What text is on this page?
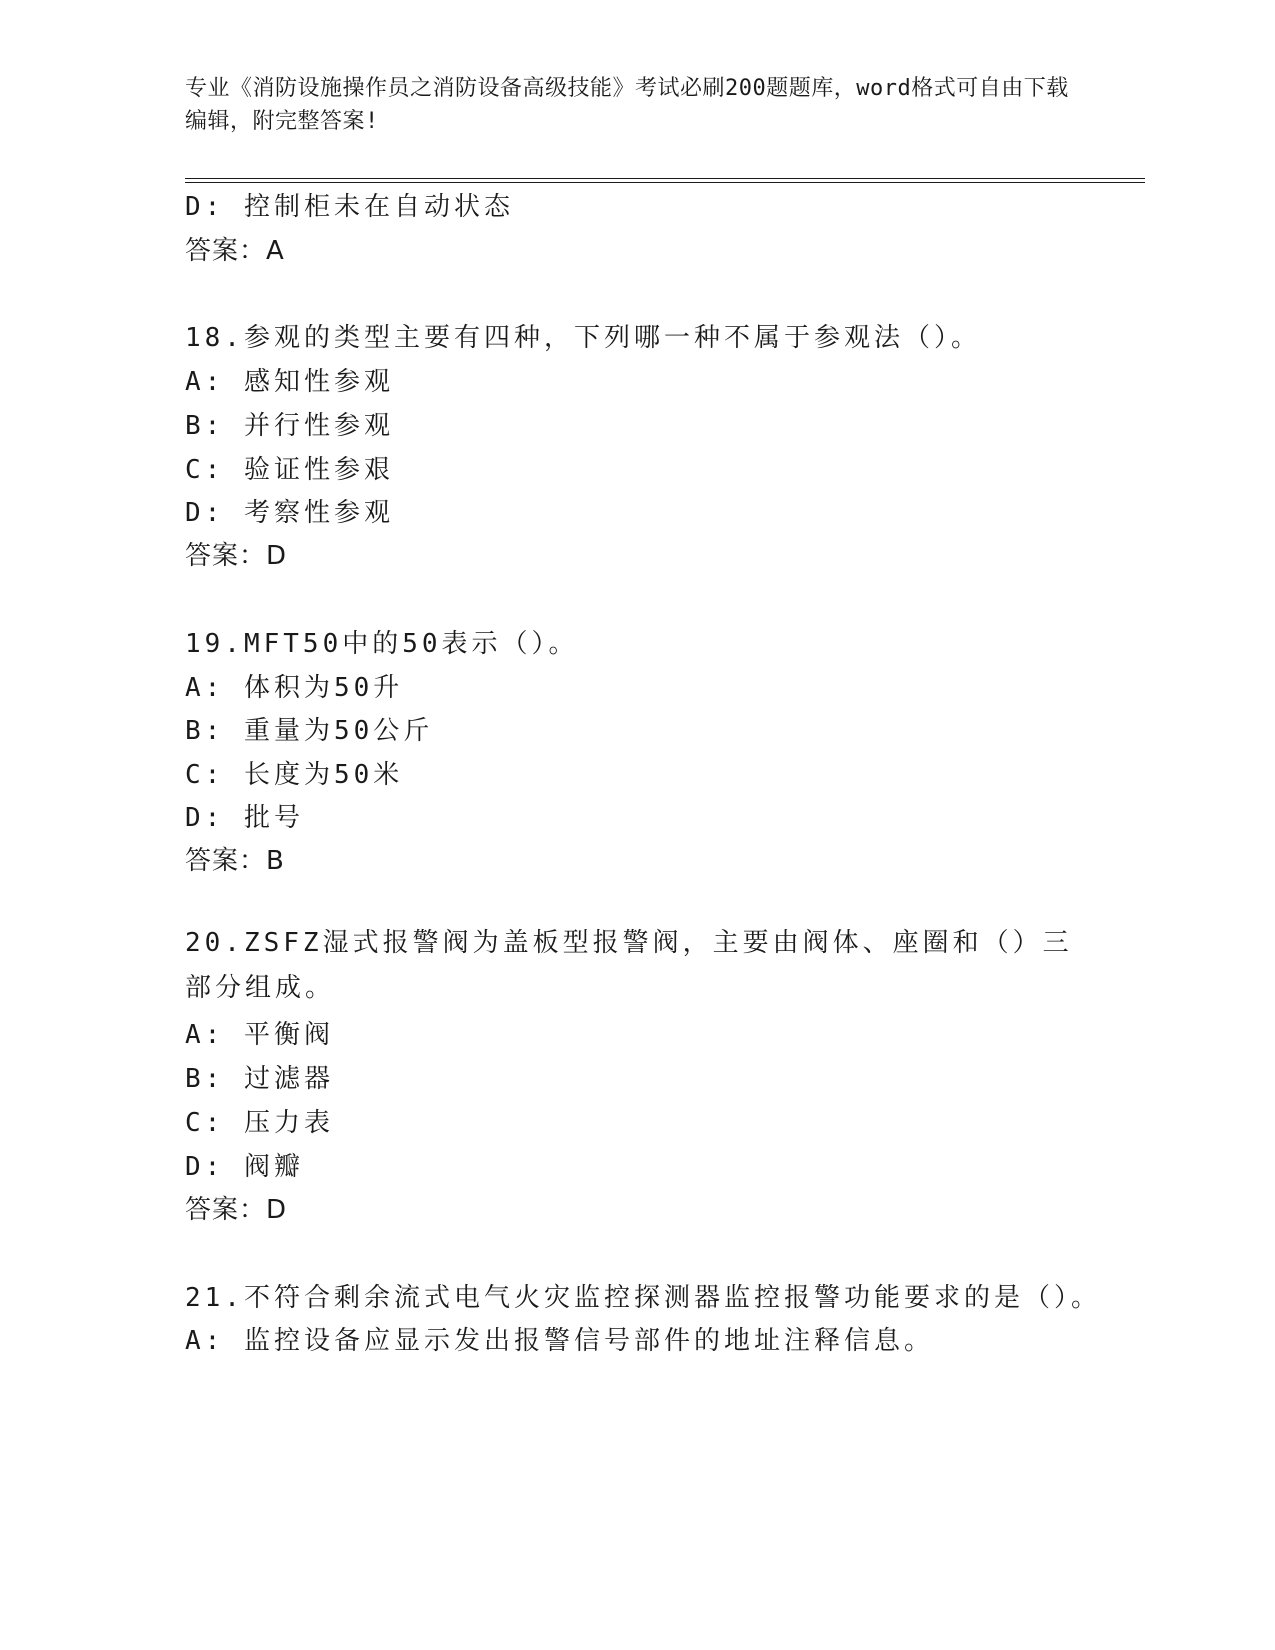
专业《消防设施操作员之消防设备高级技能》考试必刷200题题库，word格式可自由下载编辑，附完整答案!
D: 控制柜未在自动状态
答案：A
18.参观的类型主要有四种，下列哪一种不属于参观法（）。
A: 感知性参观
B: 并行性参观
C: 验证性参艰
D: 考察性参观
答案：D
19.MFT50中的50表示（）。
A: 体积为50升
B: 重量为50公斤
C: 长度为50米
D: 批号
答案：B
20.ZSFZ湿式报警阀为盖板型报警阀，主要由阀体、座圈和（）三部分组成。
A: 平衡阀
B: 过滤器
C: 压力表
D: 阀瓣
答案：D
21.不符合剩余流式电气火灾监控探测器监控报警功能要求的是（）。
A: 监控设备应显示发出报警信号部件的地址注释信息。
